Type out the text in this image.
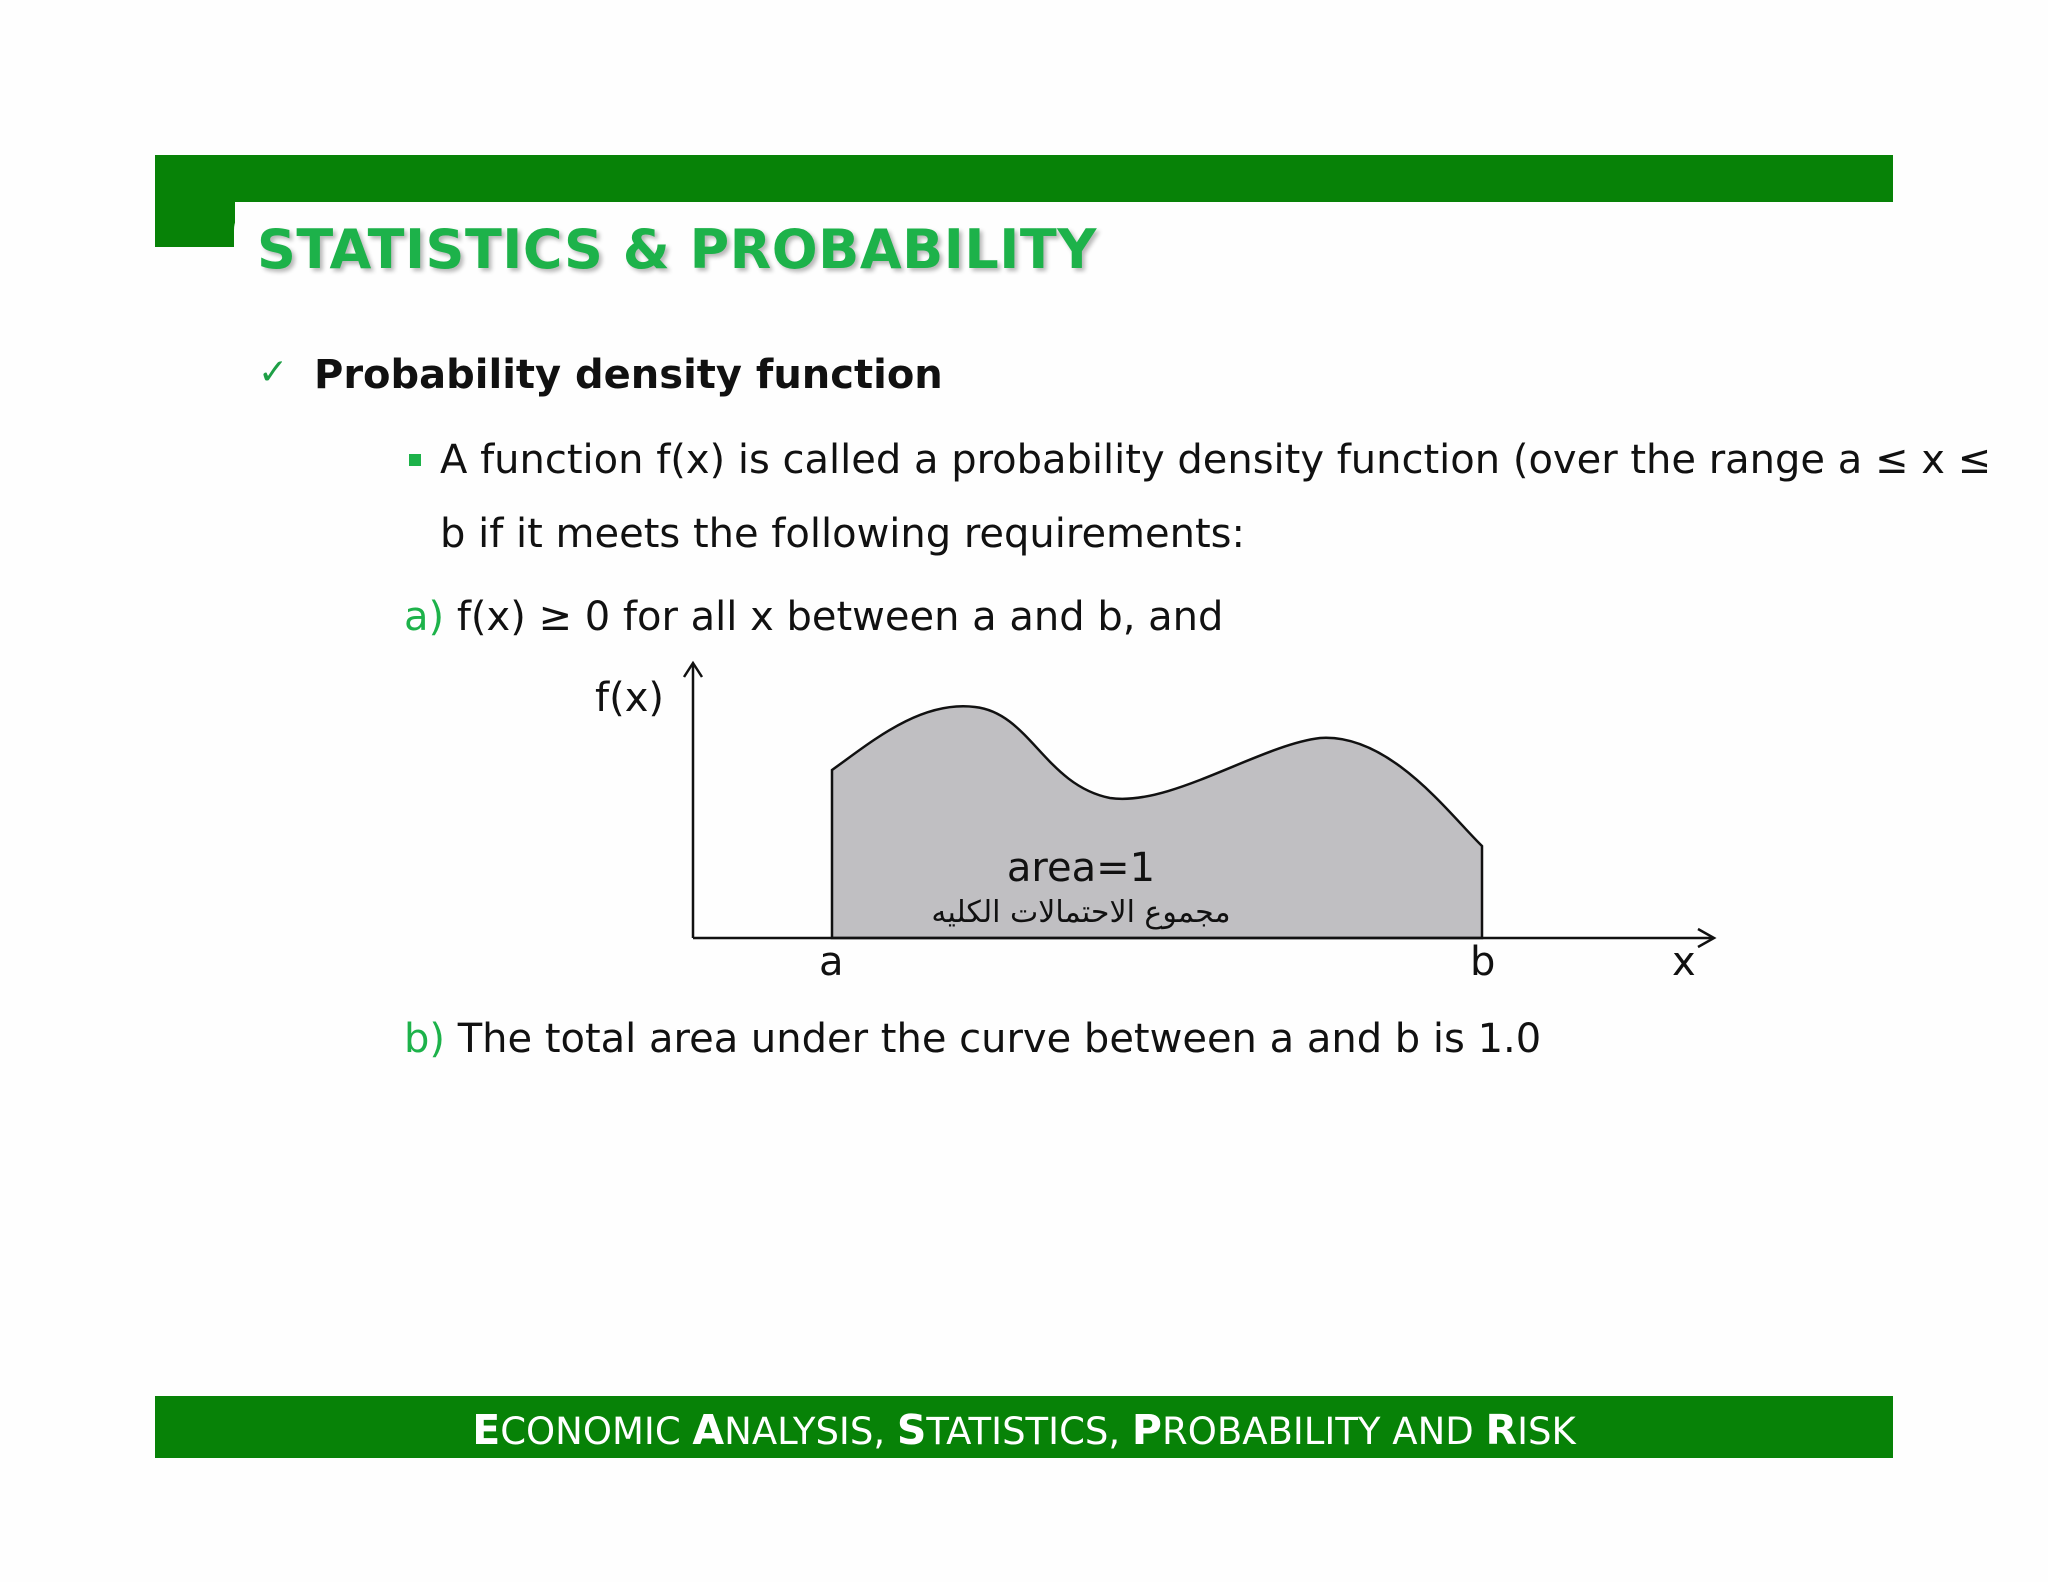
STATISTICS & PROBABILITY
✓ Probability density function
A function f(x) is called a probability density function (over the range a ≤ x ≤
b if it meets the following requirements:
a) f(x) ≥ 0 for all x between a and b, and
f(x)
x
a	b
area=1
مجموع الاحتمالات الكليه
b) The total area under the curve between a and b is 1.0
ECONOMIC ANALYSIS, STATISTICS, PROBABILITY AND RISK
